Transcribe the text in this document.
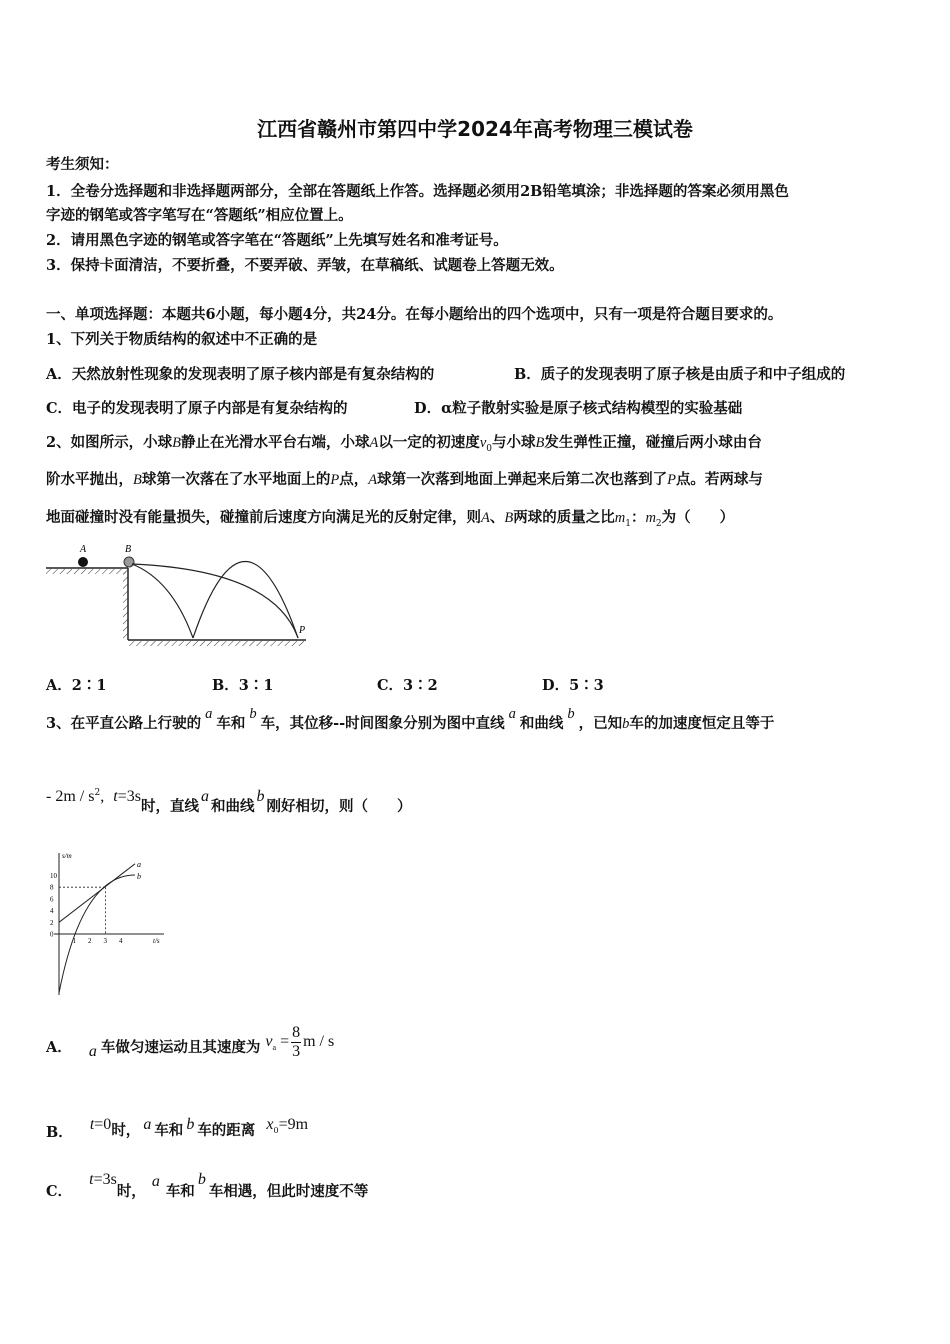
江西省赣州市第四中学2024年高考物理三模试卷
考生须知：
1．全卷分选择题和非选择题两部分，全部在答题纸上作答。选择题必须用2B铅笔填涂；非选择题的答案必须用黑色
字迹的钢笔或答字笔写在“答题纸”相应位置上。
2．请用黑色字迹的钢笔或答字笔在“答题纸”上先填写姓名和准考证号。
3．保持卡面清洁，不要折叠，不要弄破、弄皱，在草稿纸、试题卷上答题无效。
一、单项选择题：本题共6小题，每小题4分，共24分。在每小题给出的四个选项中，只有一项是符合题目要求的。
1、下列关于物质结构的叙述中不正确的是
A．天然放射性现象的发现表明了原子核内部是有复杂结构的	B．质子的发现表明了原子核是由质子和中子组成的
C．电子的发现表明了原子内部是有复杂结构的	D．α粒子散射实验是原子核式结构模型的实验基础
2、如图所示，小球B静止在光滑水平台右端，小球A以一定的初速度$v_0$与小球B发生弹性正撞，碰撞后两小球由台
阶水平抛出，B球第一次落在了水平地面上的P点，A球第一次落到地面上弹起来后第二次也落到了P点。若两球与
地面碰撞时没有能量损失，碰撞前后速度方向满足光的反射定律，则A、B两球的质量之比$m_1$：$m_2$为（　　）
A	B
P
A．2∶1	B．3∶1	C．3∶2	D．5∶3
3、在平直公路上行驶的a车和b车，其位移--时间图象分别为图中直线a和曲线b，已知b车的加速度恒定且等于
- $2m / s^2$, t=3s时，直线a和曲线b刚好相切，则（　　）
s/m
t/s
10
8
6
4
2
0
1 2 3 4
a
b
A． a 车做匀速运动且其速度为 $v_a = \frac{8}{3}$ m / s
B． t=0时， a 车和 b 车的距离 $x_0=9m$
C． t=3s时，a车和b车相遇，但此时速度不等
